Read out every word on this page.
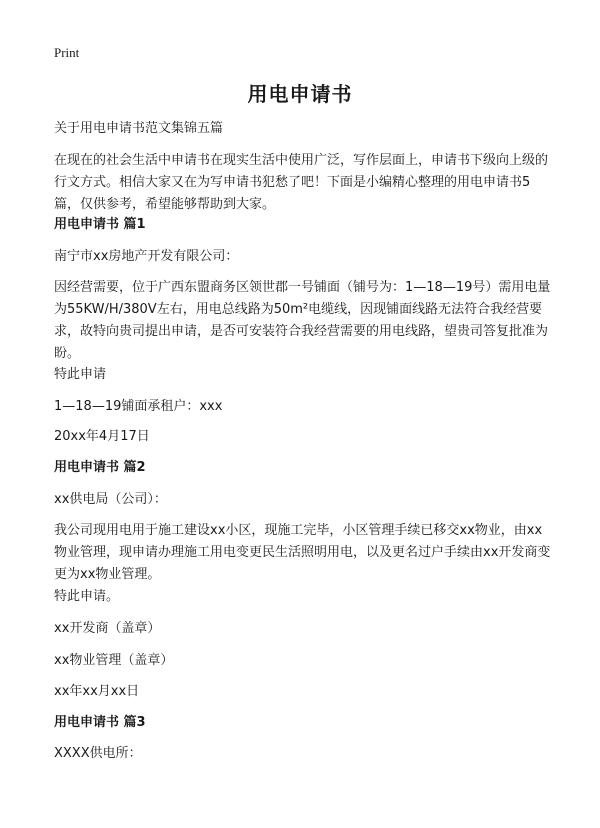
Print
用电申请书
关于用电申请书范文集锦五篇
在现在的社会生活中申请书在现实生活中使用广泛，写作层面上，申请书下级向上级的行文方式。相信大家又在为写申请书犯愁了吧！下面是小编精心整理的用电申请书5篇，仅供参考，希望能够帮助到大家。
用电申请书 篇1
南宁市xx房地产开发有限公司：
因经营需要，位于广西东盟商务区领世郡一号铺面（铺号为：1—18—19号）需用电量为55KW/H/380V左右，用电总线路为50m²电缆线，因现铺面线路无法符合我经营要求，故特向贵司提出申请，是否可安装符合我经营需要的用电线路，望贵司答复批准为盼。
特此申请
1—18—19铺面承租户：xxx
20xx年4月17日
用电申请书 篇2
xx供电局（公司）：
我公司现用电用于施工建设xx小区，现施工完毕，小区管理手续已移交xx物业，由xx物业管理，现申请办理施工用电变更民生活照明用电，以及更名过户手续由xx开发商变更为xx物业管理。
特此申请。
xx开发商（盖章）
xx物业管理（盖章）
xx年xx月xx日
用电申请书 篇3
XXXX供电所：
